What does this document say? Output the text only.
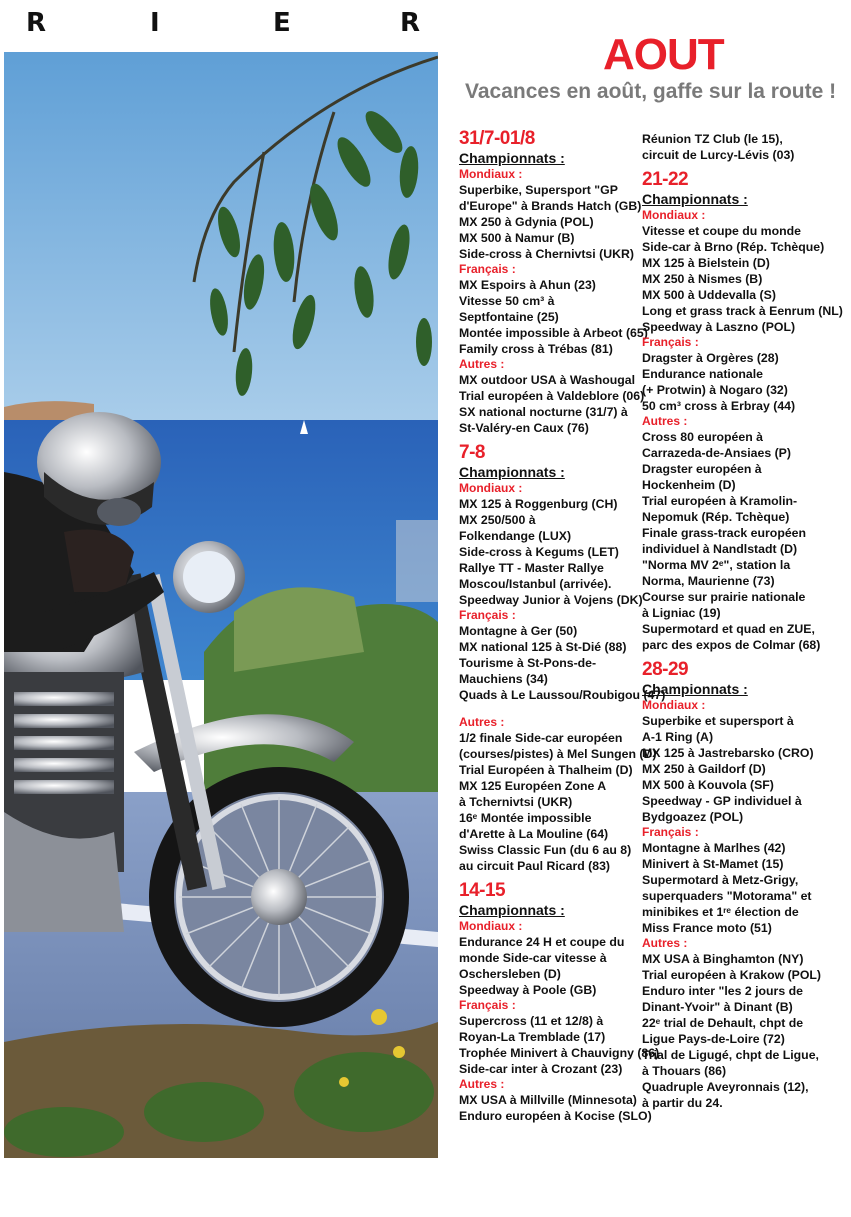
R	I	E	R
AOUT
Vacances en août, gaffe sur la route !
31/7-01/8
Championnats :
Mondiaux :
Superbike, Supersport "GP
d'Europe" à Brands Hatch (GB)
MX 250 à Gdynia (POL)
MX 500 à Namur (B)
Side-cross à Chernivtsi (UKR)
Français :
MX Espoirs à Ahun (23)
Vitesse 50 cm³ à
Septfontaine (25)
Montée impossible à Arbeot (65)
Family cross à Trébas (81)
Autres :
MX outdoor USA à Washougal
Trial européen à Valdeblore (06)
SX national nocturne (31/7) à
St-Valéry-en Caux (76)
7-8
Championnats :
Mondiaux :
MX 125 à Roggenburg (CH)
MX 250/500 à
Folkendange (LUX)
Side-cross à Kegums (LET)
Rallye TT - Master Rallye
Moscou/Istanbul (arrivée).
Speedway Junior à Vojens (DK)
Français :
Montagne à Ger (50)
MX national 125 à St-Dié (88)
Tourisme à St-Pons-de-
Mauchiens (34)
Quads à Le Laussou/Roubigou (47)
Autres :
1/2 finale Side-car européen
(courses/pistes) à Mel Sungen (D)
Trial Européen à Thalheim (D)
MX 125 Européen Zone A
à Tchernivtsi (UKR)
16ᵉ Montée impossible
d'Arette à La Mouline (64)
Swiss Classic Fun (du 6 au 8)
au circuit Paul Ricard (83)
14-15
Championnats :
Mondiaux :
Endurance 24 H et coupe du
monde Side-car vitesse à
Oschersleben (D)
Speedway à Poole (GB)
Français :
Supercross (11 et 12/8) à
Royan-La Tremblade (17)
Trophée Minivert à Chauvigny (86)
Side-car inter à Crozant (23)
Autres :
MX USA à Millville (Minnesota)
Enduro européen à Kocise (SLO)
Réunion TZ Club (le 15),
circuit de Lurcy-Lévis (03)
21-22
Championnats :
Mondiaux :
Vitesse et coupe du monde
Side-car à Brno (Rép. Tchèque)
MX 125 à Bielstein (D)
MX 250 à Nismes (B)
MX 500 à Uddevalla (S)
Long et grass track à Eenrum (NL)
Speedway à Laszno (POL)
Français :
Dragster à Orgères (28)
Endurance nationale
(+ Protwin) à Nogaro (32)
50 cm³ cross à Erbray (44)
Autres :
Cross 80 européen à
Carrazeda-de-Ansiaes (P)
Dragster européen à
Hockenheim (D)
Trial européen à Kramolin-
Nepomuk (Rép. Tchèque)
Finale grass-track européen
individuel à Nandlstadt (D)
"Norma MV 2ᵉ", station la
Norma, Maurienne (73)
Course sur prairie nationale
à Ligniac (19)
Supermotard et quad en ZUE,
parc des expos de Colmar (68)
28-29
Championnats :
Mondiaux :
Superbike et supersport à
A-1 Ring (A)
MX 125 à Jastrebarsko (CRO)
MX 250 à Gaildorf (D)
MX 500 à Kouvola (SF)
Speedway - GP individuel à
Bydgoazez (POL)
Français :
Montagne à Marlhes (42)
Minivert à St-Mamet (15)
Supermotard à Metz-Grigy,
superquaders "Motorama" et
minibikes et 1ʳᵉ élection de
Miss France moto (51)
Autres :
MX USA à Binghamton (NY)
Trial européen à Krakow (POL)
Enduro inter "les 2 jours de
Dinant-Yvoir" à Dinant (B)
22ᵉ trial de Dehault, chpt de
Ligue Pays-de-Loire (72)
Trial de Ligugé, chpt de Ligue,
à Thouars (86)
Quadruple Aveyronnais (12),
à partir du 24.
